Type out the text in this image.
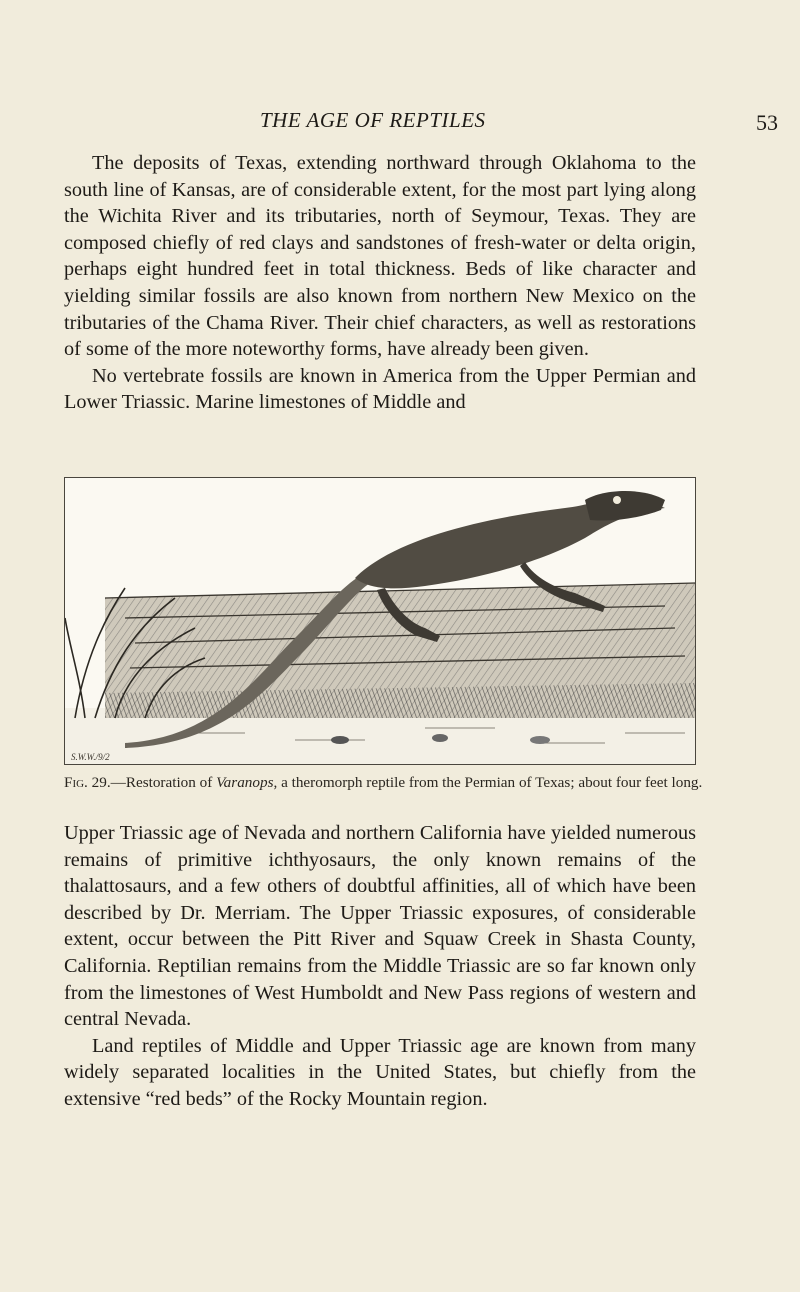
THE AGE OF REPTILES	53

The deposits of Texas, extending northward through Oklahoma to the south line of Kansas, are of considerable extent, for the most part lying along the Wichita River and its tributaries, north of Seymour, Texas. They are composed chiefly of red clays and sandstones of fresh-water or delta origin, perhaps eight hundred feet in total thickness. Beds of like character and yielding similar fossils are also known from northern New Mexico on the tributaries of the Chama River. Their chief characters, as well as restorations of some of the more noteworthy forms, have already been given.

No vertebrate fossils are known in America from the Upper Permian and Lower Triassic. Marine limestones of Middle and

S.W.W./9/2
Fig. 29.—Restoration of Varanops, a theromorph reptile from the Permian of Texas; about four feet long.

Upper Triassic age of Nevada and northern California have yielded numerous remains of primitive ichthyosaurs, the only known remains of the thalattosaurs, and a few others of doubtful affinities, all of which have been described by Dr. Merriam. The Upper Triassic exposures, of considerable extent, occur between the Pitt River and Squaw Creek in Shasta County, California. Reptilian remains from the Middle Triassic are so far known only from the limestones of West Humboldt and New Pass regions of western and central Nevada.

Land reptiles of Middle and Upper Triassic age are known from many widely separated localities in the United States, but chiefly from the extensive “red beds” of the Rocky Mountain region.
